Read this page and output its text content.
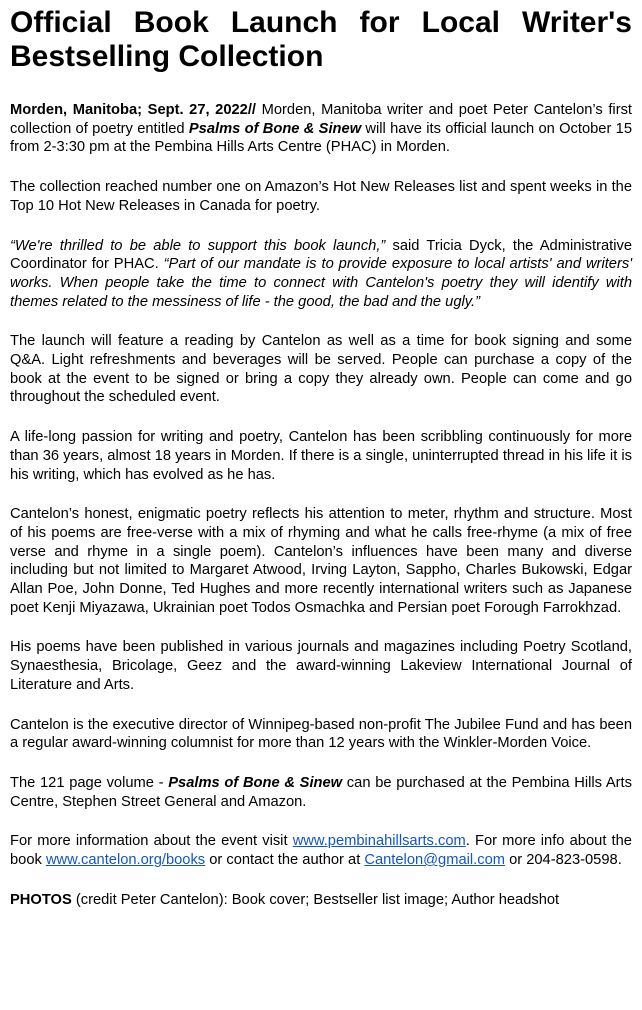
Official Book Launch for Local Writer's Bestselling Collection

Morden, Manitoba; Sept. 27, 2022// Morden, Manitoba writer and poet Peter Cantelon’s first collection of poetry entitled Psalms of Bone & Sinew will have its official launch on October 15 from 2-3:30 pm at the Pembina Hills Arts Centre (PHAC) in Morden.

The collection reached number one on Amazon’s Hot New Releases list and spent weeks in the Top 10 Hot New Releases in Canada for poetry.

“We're thrilled to be able to support this book launch,” said Tricia Dyck, the Administrative Coordinator for PHAC. “Part of our mandate is to provide exposure to local artists' and writers' works. When people take the time to connect with Cantelon's poetry they will identify with themes related to the messiness of life - the good, the bad and the ugly.”

The launch will feature a reading by Cantelon as well as a time for book signing and some Q&A. Light refreshments and beverages will be served. People can purchase a copy of the book at the event to be signed or bring a copy they already own. People can come and go throughout the scheduled event.

A life-long passion for writing and poetry, Cantelon has been scribbling continuously for more than 36 years, almost 18 years in Morden. If there is a single, uninterrupted thread in his life it is his writing, which has evolved as he has.

Cantelon’s honest, enigmatic poetry reflects his attention to meter, rhythm and structure. Most of his poems are free-verse with a mix of rhyming and what he calls free-rhyme (a mix of free verse and rhyme in a single poem). Cantelon’s influences have been many and diverse including but not limited to Margaret Atwood, Irving Layton, Sappho, Charles Bukowski, Edgar Allan Poe, John Donne, Ted Hughes and more recently international writers such as Japanese poet Kenji Miyazawa, Ukrainian poet Todos Osmachka and Persian poet Forough Farrokhzad.

His poems have been published in various journals and magazines including Poetry Scotland, Synaesthesia, Bricolage, Geez and the award-winning Lakeview International Journal of Literature and Arts.

Cantelon is the executive director of Winnipeg-based non-profit The Jubilee Fund and has been a regular award-winning columnist for more than 12 years with the Winkler-Morden Voice.

The 121 page volume - Psalms of Bone & Sinew can be purchased at the Pembina Hills Arts Centre, Stephen Street General and Amazon.

For more information about the event visit www.pembinahillsarts.com. For more info about the book www.cantelon.org/books or contact the author at Cantelon@gmail.com or 204-823-0598.

PHOTOS (credit Peter Cantelon): Book cover; Bestseller list image; Author headshot
